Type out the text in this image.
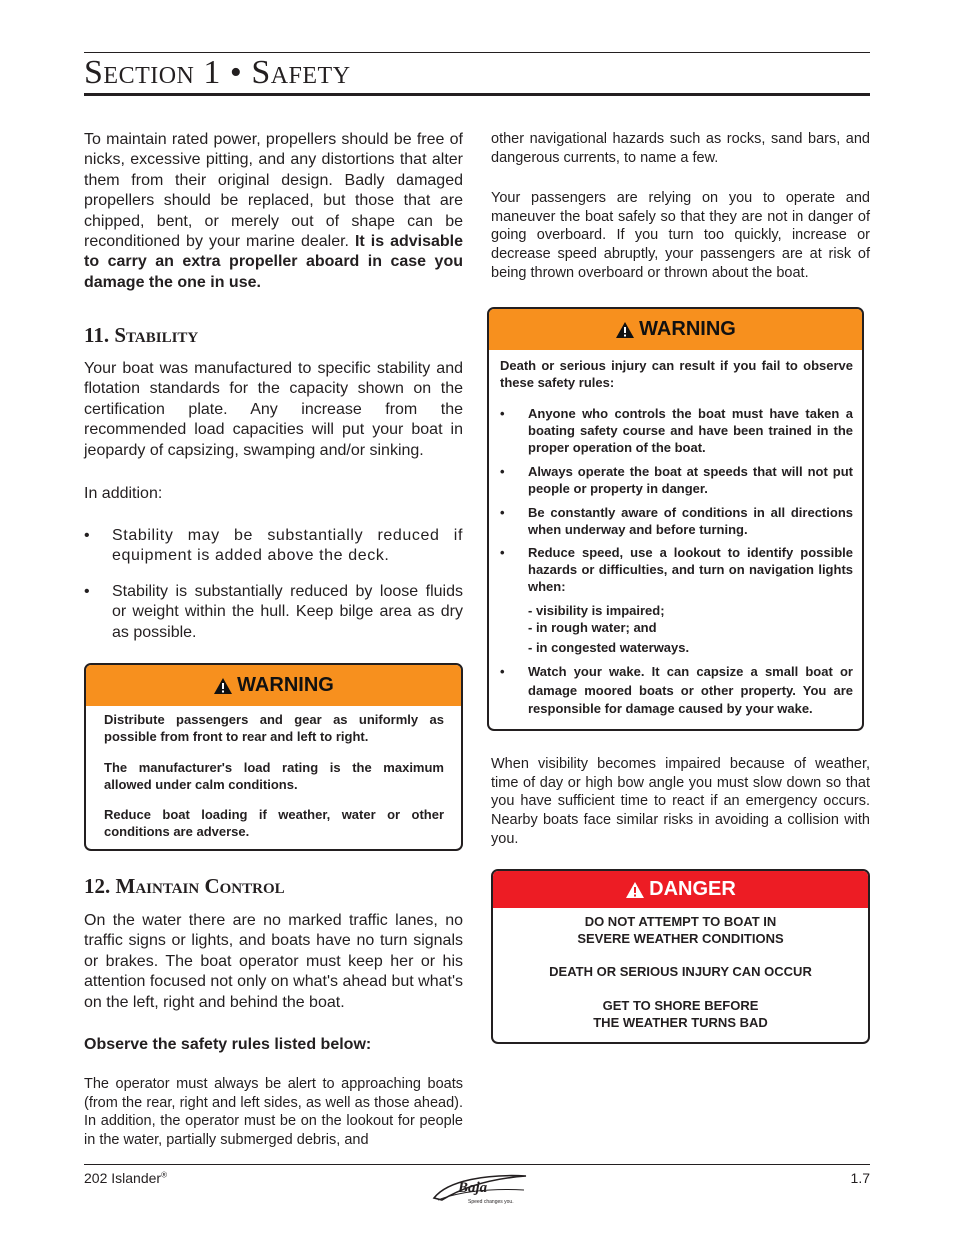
Section 1 • Safety
To maintain rated power, propellers should be free of nicks, excessive pitting, and any distortions that alter them from their original design. Badly damaged propellers should be replaced, but those that are chipped, bent, or merely out of shape can be reconditioned by your marine dealer. It is advisable to carry an extra propeller aboard in case you damage the one in use.
11. Stability
Your boat was manufactured to specific stability and flotation standards for the capacity shown on the certification plate. Any increase from the recommended load capacities will put your boat in jeopardy of capsizing, swamping and/or sinking.
In addition:
• Stability may be substantially reduced if equipment is added above the deck.
• Stability is substantially reduced by loose fluids or weight within the hull. Keep bilge area as dry as possible.
WARNING
Distribute passengers and gear as uniformly as possible from front to rear and left to right.
The manufacturer's load rating is the maximum allowed under calm conditions.
Reduce boat loading if weather, water or other conditions are adverse.
12. Maintain Control
On the water there are no marked traffic lanes, no traffic signs or lights, and boats have no turn signals or brakes. The boat operator must keep her or his attention focused not only on what's ahead but what's on the left, right and behind the boat.
Observe the safety rules listed below:
The operator must always be alert to approaching boats (from the rear, right and left sides, as well as those ahead). In addition, the operator must be on the lookout for people in the water, partially submerged debris, and
other navigational hazards such as rocks, sand bars, and dangerous currents, to name a few.
Your passengers are relying on you to operate and maneuver the boat safely so that they are not in danger of going overboard. If you turn too quickly, increase or decrease speed abruptly, your passengers are at risk of being thrown overboard or thrown about the boat.
WARNING
Death or serious injury can result if you fail to observe these safety rules:
• Anyone who controls the boat must have taken a boating safety course and have been trained in the proper operation of the boat.
• Always operate the boat at speeds that will not put people or property in danger.
• Be constantly aware of conditions in all directions when underway and before turning.
• Reduce speed, use a lookout to identify possible hazards or difficulties, and turn on navigation lights when:
- visibility is impaired;
- in rough water; and
- in congested waterways.
• Watch your wake. It can capsize a small boat or damage moored boats or other property. You are responsible for damage caused by your wake.
When visibility becomes impaired because of weather, time of day or high bow angle you must slow down so that you have sufficient time to react if an emergency occurs. Nearby boats face similar risks in avoiding a collision with you.
DANGER
DO NOT ATTEMPT TO BOAT IN
SEVERE WEATHER CONDITIONS
DEATH OR SERIOUS INJURY CAN OCCUR
GET TO SHORE BEFORE
THE WEATHER TURNS BAD
202 Islander®
Baja
Speed changes you.
1.7
